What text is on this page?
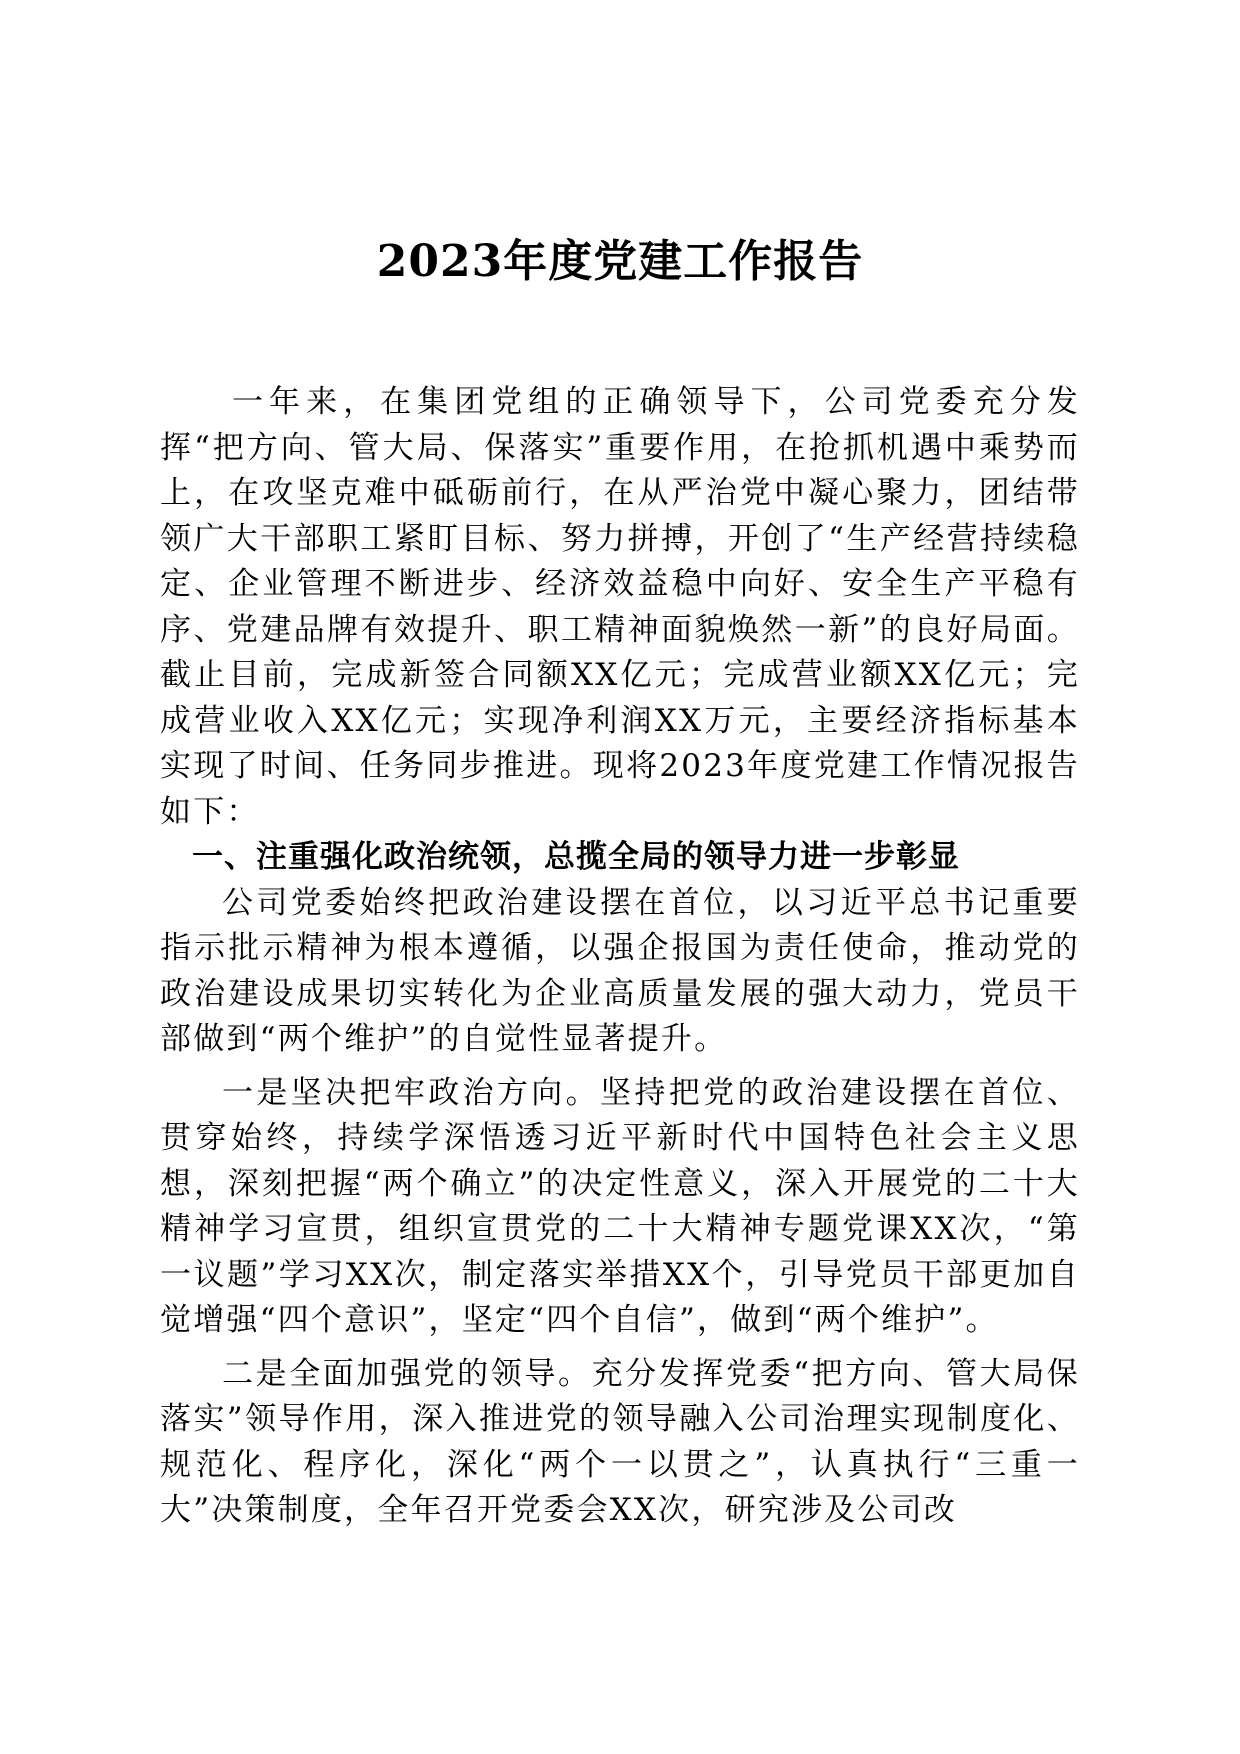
2023年度党建工作报告

一年来，在集团党组的正确领导下，公司党委充分发挥“把方向、管大局、保落实”重要作用，在抢抓机遇中乘势而上，在攻坚克难中砥砺前行，在从严治党中凝心聚力，团结带领广大干部职工紧盯目标、努力拼搏，开创了“生产经营持续稳定、企业管理不断进步、经济效益稳中向好、安全生产平稳有序、党建品牌有效提升、职工精神面貌焕然一新”的良好局面。截止目前，完成新签合同额XX亿元；完成营业额XX亿元；完成营业收入XX亿元；实现净利润XX万元，主要经济指标基本实现了时间、任务同步推进。现将2023年度党建工作情况报告如下：

一、注重强化政治统领，总揽全局的领导力进一步彰显

公司党委始终把政治建设摆在首位，以习近平总书记重要指示批示精神为根本遵循，以强企报国为责任使命，推动党的政治建设成果切实转化为企业高质量发展的强大动力，党员干部做到“两个维护”的自觉性显著提升。

一是坚决把牢政治方向。坚持把党的政治建设摆在首位、贯穿始终，持续学深悟透习近平新时代中国特色社会主义思想，深刻把握“两个确立”的决定性意义，深入开展党的二十大精神学习宣贯，组织宣贯党的二十大精神专题党课XX次，“第一议题”学习XX次，制定落实举措XX个，引导党员干部更加自觉增强“四个意识”，坚定“四个自信”，做到“两个维护”。

二是全面加强党的领导。充分发挥党委“把方向、管大局保落实”领导作用，深入推进党的领导融入公司治理实现制度化、规范化、程序化，深化“两个一以贯之”，认真执行“三重一大”决策制度，全年召开党委会XX次，研究涉及公司改
